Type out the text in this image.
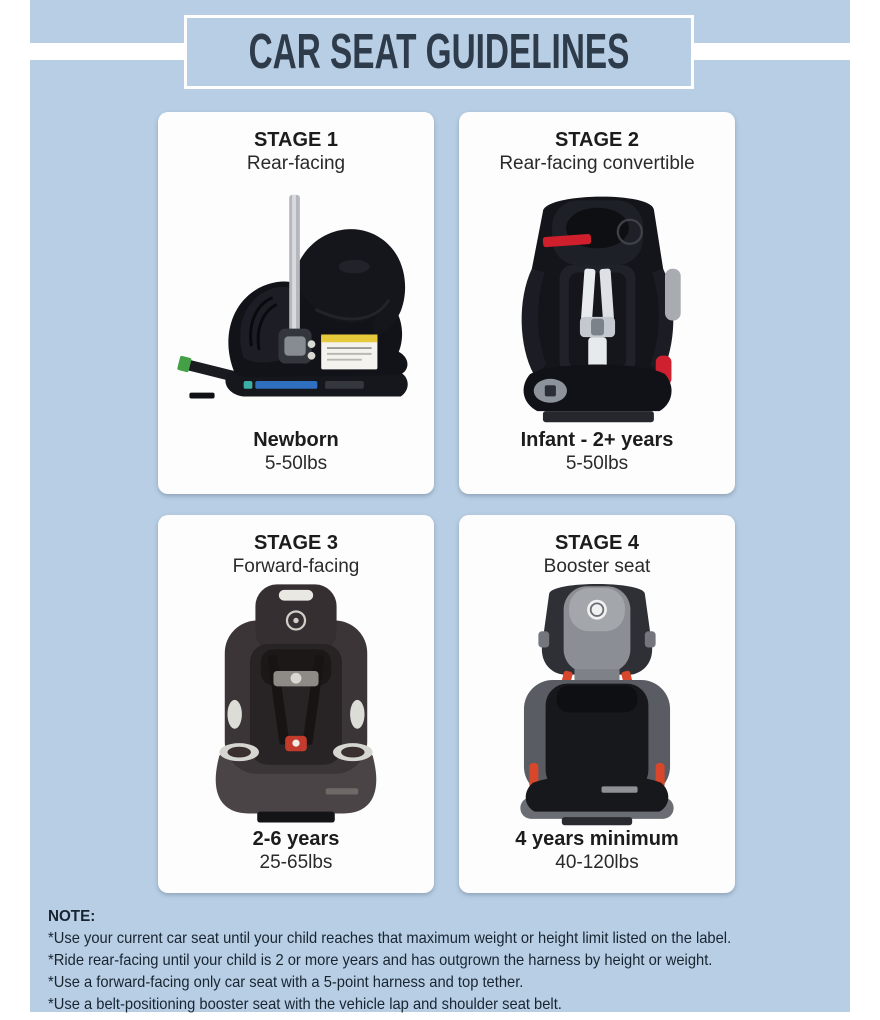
CAR SEAT GUIDELINES
STAGE 1
Rear-facing
Newborn
5-50lbs
STAGE 2
Rear-facing convertible
Infant - 2+ years
5-50lbs
STAGE 3
Forward-facing
2-6 years
25-65lbs
STAGE 4
Booster seat
4 years minimum
40-120lbs
NOTE:
*Use your current car seat until your child reaches that maximum weight or height limit listed on the label.
*Ride rear-facing until your child is 2 or more years and has outgrown the harness by height or weight.
*Use a forward-facing only car seat with a 5-point harness and top tether.
*Use a belt-positioning booster seat with the vehicle lap and shoulder seat belt.
